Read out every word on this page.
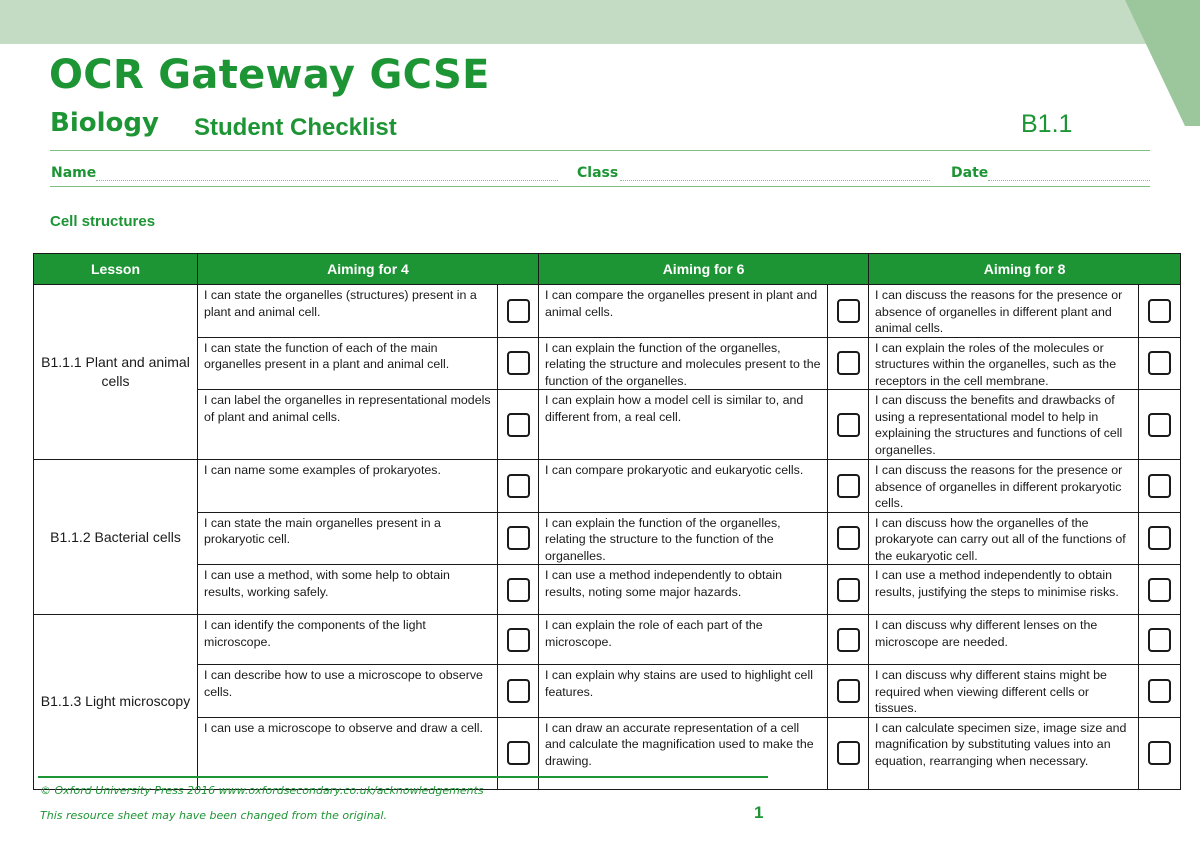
OCR Gateway GCSE
Biology Student Checklist	B1.1
Name	Class	Date
Cell structures
Lesson	Aiming for 4		Aiming for 6		Aiming for 8	
B1.1.1 Plant and animal cells	I can state the organelles (structures) present in a plant and animal cell.		I can compare the organelles present in plant and animal cells.		I can discuss the reasons for the presence or absence of organelles in different plant and animal cells.	
	I can state the function of each of the main organelles present in a plant and animal cell.		I can explain the function of the organelles, relating the structure and molecules present to the function of the organelles.		I can explain the roles of the molecules or structures within the organelles, such as the receptors in the cell membrane.	
	I can label the organelles in representational models of plant and animal cells.		I can explain how a model cell is similar to, and different from, a real cell.		I can discuss the benefits and drawbacks of using a representational model to help in explaining the structures and functions of cell organelles.	
B1.1.2 Bacterial cells	I can name some examples of prokaryotes.		I can compare prokaryotic and eukaryotic cells.		I can discuss the reasons for the presence or absence of organelles in different prokaryotic cells.	
	I can state the main organelles present in a prokaryotic cell.		I can explain the function of the organelles, relating the structure to the function of the organelles.		I can discuss how the organelles of the prokaryote can carry out all of the functions of the eukaryotic cell.	
	I can use a method, with some help to obtain results, working safely.		I can use a method independently to obtain results, noting some major hazards.		I can use a method independently to obtain results, justifying the steps to minimise risks.	
B1.1.3 Light microscopy	I can identify the components of the light microscope.		I can explain the role of each part of the microscope.		I can discuss why different lenses on the microscope are needed.	
	I can describe how to use a microscope to observe cells.		I can explain why stains are used to highlight cell features.		I can discuss why different stains might be required when viewing different cells or tissues.	
	I can use a microscope to observe and draw a cell.		I can draw an accurate representation of a cell and calculate the magnification used to make the drawing.		I can calculate specimen size, image size and magnification by substituting values into an equation, rearranging when necessary.	
© Oxford University Press 2016 www.oxfordsecondary.co.uk/acknowledgements
This resource sheet may have been changed from the original.	1
